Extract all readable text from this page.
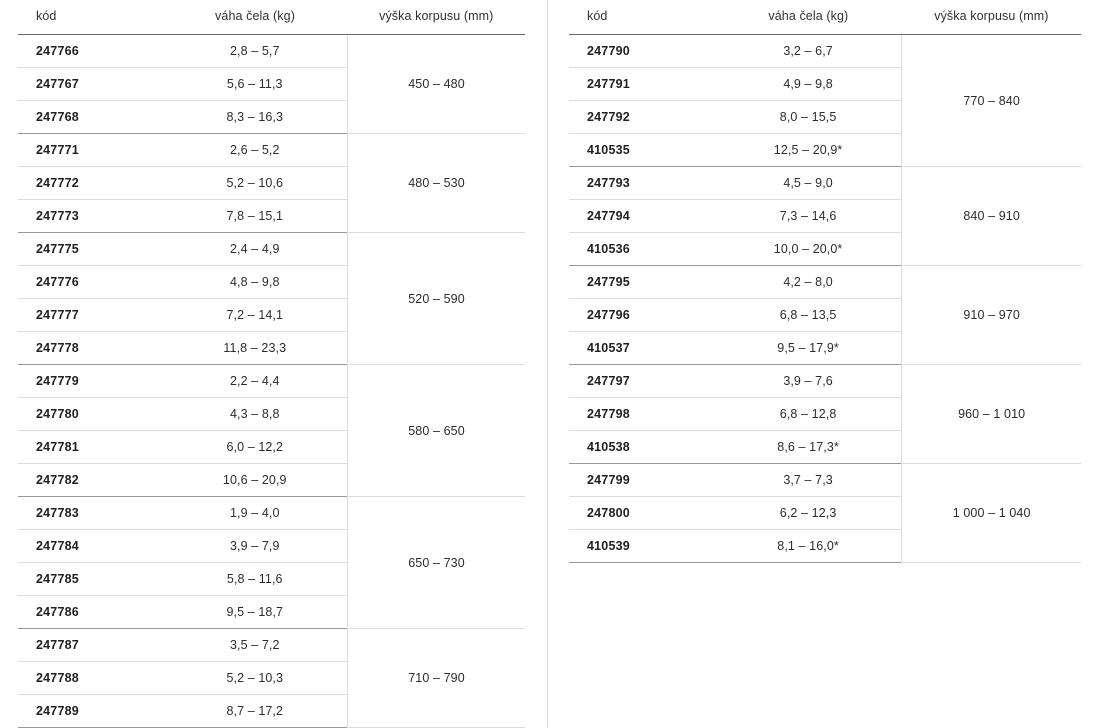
kód	váha čela (kg)	výška korpusu (mm)
247766	2,8 – 5,7	450 – 480
247767	5,6 – 11,3	
247768	8,3 – 16,3	
247771	2,6 – 5,2	480 – 530
247772	5,2 – 10,6	
247773	7,8 – 15,1	
247775	2,4 – 4,9	520 – 590
247776	4,8 – 9,8	
247777	7,2 – 14,1	
247778	11,8 – 23,3	
247779	2,2 – 4,4	580 – 650
247780	4,3 – 8,8	
247781	6,0 – 12,2	
247782	10,6 – 20,9	
247783	1,9 – 4,0	650 – 730
247784	3,9 – 7,9	
247785	5,8 – 11,6	
247786	9,5 – 18,7	
247787	3,5 – 7,2	710 – 790
247788	5,2 – 10,3	
247789	8,7 – 17,2	
kód	váha čela (kg)	výška korpusu (mm)
247790	3,2 – 6,7	770 – 840
247791	4,9 – 9,8	
247792	8,0 – 15,5	
410535	12,5 – 20,9*	
247793	4,5 – 9,0	840 – 910
247794	7,3 – 14,6	
410536	10,0 – 20,0*	
247795	4,2 – 8,0	910 – 970
247796	6,8 – 13,5	
410537	9,5 – 17,9*	
247797	3,9 – 7,6	960 – 1 010
247798	6,8 – 12,8	
410538	8,6 – 17,3*	
247799	3,7 – 7,3	1 000 – 1 040
247800	6,2 – 12,3	
410539	8,1 – 16,0*	
